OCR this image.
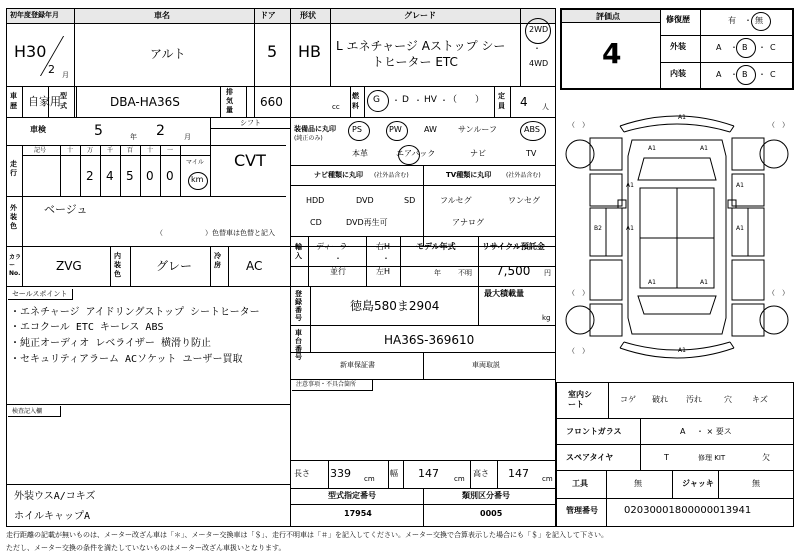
初年度登録年月
H30
2 月
車名
アルト
ドア
5
形状
HB
グレード
L エネチャージ Aストップ シー
トヒーター ETC
2WD
・
4WD
車歴 自家用 型式	DBA-HA36S
排気量
660	cc
燃料
G ・ D ・ HV ・ （　　） 定員 4 人
車検	5	年 2	月
シフト
CVT
走行
記号	十 万 千 百 十 一
2 4 5 0 0
マイル
km
外装色
ベージュ
（　　　　　　）色替車は色替と記入
カラーNo.
ZVG
内装色
グレー
冷房 AC
セールスポイント
・エネチャージ アイドリングストップ シートヒーター
・エコクール ETC キーレス ABS
・純正オーディオ レベライザー 横滑り防止
・セキュリティアラーム ACソケット ユーザー買取
検査記入欄
外装ウスA/コキズ
ホイルキャップA
装備品に丸印
(純正のみ)
PS	PW	AW	サンルーフ	ABS
本革	エアバック	ナビ	TV
ナビ種類に丸印 (社外品含む)	TV種類に丸印 (社外品含む)
HDD	DVD	SD
CD	DVD再生可
フルセグ	ワンセグ
アナログ
輸入
ディーラー
・
並行
右H
・
左H
モデル年式
年 不明
リサイクル預託金
7,500 円
登録番号
徳島580ま2904
最大積載量
kg
車台番号
HA36S-369610
新車保証書	車両取説
注意事項・不具合箇所
長さ 339 cm
幅 147 cm
高さ 147 cm
型式指定番号
17954
類別区分番号
0005
評価点
4
修復歴	有 ・ 無
外装	A ・ B ・ C
内装	A ・ B ・ C
A1
A1	A1
A1	A1
B2	A1	A1
A1	A1
A1
（　）	（　）
（　）	（　）
（　）
室内シート
コゲ 破れ 汚れ	穴	キズ
フロントガラス	A ・ × 要ス
スペアタイヤ	T	修理 KIT	欠
工具	無	ジャッキ	無
管理番号	02030001800000013941
走行距離の記載が無いものは、メーター改ざん車は「＊」、メーター交換車は「＄」、走行不明車は「＃」を記入してください。メーター交換で合算表示した場合にも「＄」を記入して下さい。
ただし、メーター交換の条件を満たしていないものはメーター改ざん車扱いとなります。
